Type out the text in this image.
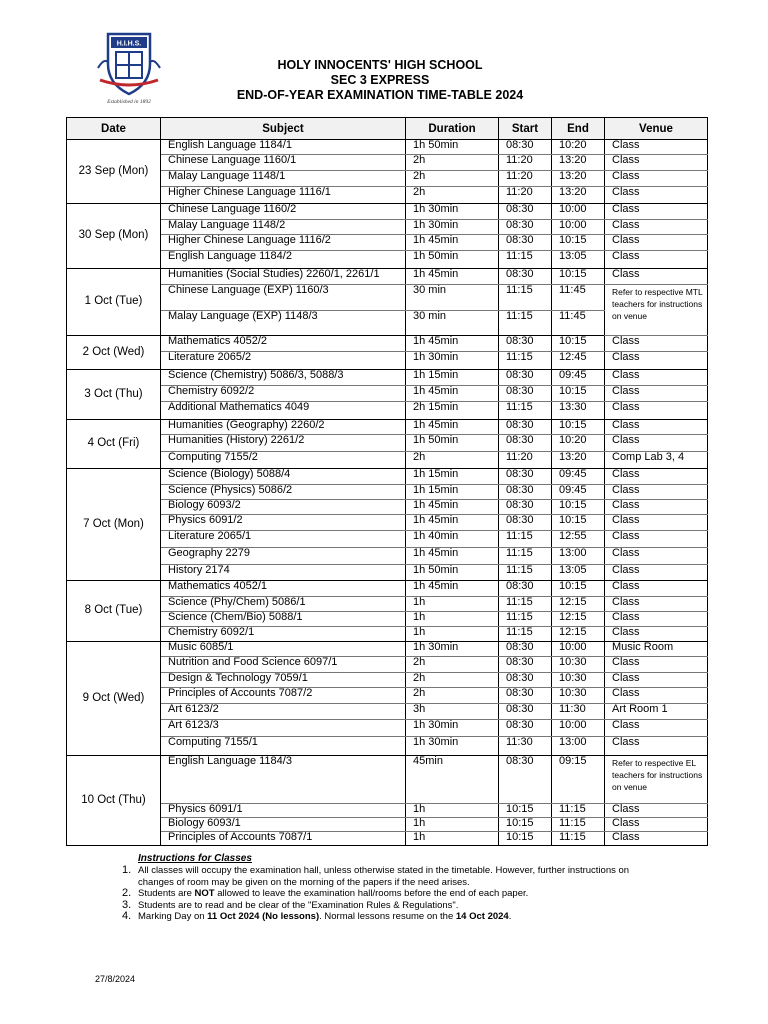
H.I.H.S.
Established in 1892
HOLY INNOCENTS' HIGH SCHOOL
SEC 3 EXPRESS
END-OF-YEAR EXAMINATION TIME-TABLE 2024
Date	Subject	Duration	Start	End	Venue
23 Sep (Mon)	English Language 1184/1	1h 50min	08:30	10:20	Class
	Chinese Language 1160/1	2h	11:20	13:20	Class
	Malay Language 1148/1	2h	11:20	13:20	Class
	Higher Chinese Language 1116/1	2h	11:20	13:20	Class
30 Sep (Mon)	Chinese Language 1160/2	1h 30min	08:30	10:00	Class
	Malay Language 1148/2	1h 30min	08:30	10:00	Class
	Higher Chinese Language 1116/2	1h 45min	08:30	10:15	Class
	English Language 1184/2	1h 50min	11:15	13:05	Class
1 Oct (Tue)	Humanities (Social Studies) 2260/1, 2261/1	1h 45min	08:30	10:15	Class
	Chinese Language (EXP) 1160/3	30 min	11:15	11:45	Refer to respective MTL teachers for instructions on venue
	Malay Language (EXP) 1148/3	30 min	11:15	11:45	
2 Oct (Wed)	Mathematics 4052/2	1h 45min	08:30	10:15	Class
	Literature 2065/2	1h 30min	11:15	12:45	Class
3 Oct (Thu)	Science (Chemistry) 5086/3, 5088/3	1h 15min	08:30	09:45	Class
	Chemistry 6092/2	1h 45min	08:30	10:15	Class
	Additional Mathematics 4049	2h 15min	11:15	13:30	Class
4 Oct (Fri)	Humanities (Geography) 2260/2	1h 45min	08:30	10:15	Class
	Humanities (History) 2261/2	1h 50min	08:30	10:20	Class
	Computing 7155/2	2h	11:20	13:20	Comp Lab 3, 4
7 Oct (Mon)	Science (Biology) 5088/4	1h 15min	08:30	09:45	Class
	Science (Physics) 5086/2	1h 15min	08:30	09:45	Class
	Biology 6093/2	1h 45min	08:30	10:15	Class
	Physics 6091/2	1h 45min	08:30	10:15	Class
	Literature 2065/1	1h 40min	11:15	12:55	Class
	Geography 2279	1h 45min	11:15	13:00	Class
	History 2174	1h 50min	11:15	13:05	Class
8 Oct (Tue)	Mathematics 4052/1	1h 45min	08:30	10:15	Class
	Science (Phy/Chem) 5086/1	1h	11:15	12:15	Class
	Science (Chem/Bio) 5088/1	1h	11:15	12:15	Class
	Chemistry 6092/1	1h	11:15	12:15	Class
9 Oct (Wed)	Music 6085/1	1h 30min	08:30	10:00	Music Room
	Nutrition and Food Science 6097/1	2h	08:30	10:30	Class
	Design & Technology 7059/1	2h	08:30	10:30	Class
	Principles of Accounts 7087/2	2h	08:30	10:30	Class
	Art 6123/2	3h	08:30	11:30	Art Room 1
	Art 6123/3	1h 30min	08:30	10:00	Class
	Computing 7155/1	1h 30min	11:30	13:00	Class
10 Oct (Thu)	English Language 1184/3	45min	08:30	09:15	Refer to respective EL teachers for instructions on venue
	Physics 6091/1	1h	10:15	11:15	Class
	Biology 6093/1	1h	10:15	11:15	Class
	Principles of Accounts 7087/1	1h	10:15	11:15	Class
Instructions for Classes
1. All classes will occupy the examination hall, unless otherwise stated in the timetable. However, further instructions on changes of room may be given on the morning of the papers if the need arises.
2. Students are NOT allowed to leave the examination hall/rooms before the end of each paper.
3. Students are to read and be clear of the "Examination Rules & Regulations".
4. Marking Day on 11 Oct 2024 (No lessons). Normal lessons resume on the 14 Oct 2024.
27/8/2024
